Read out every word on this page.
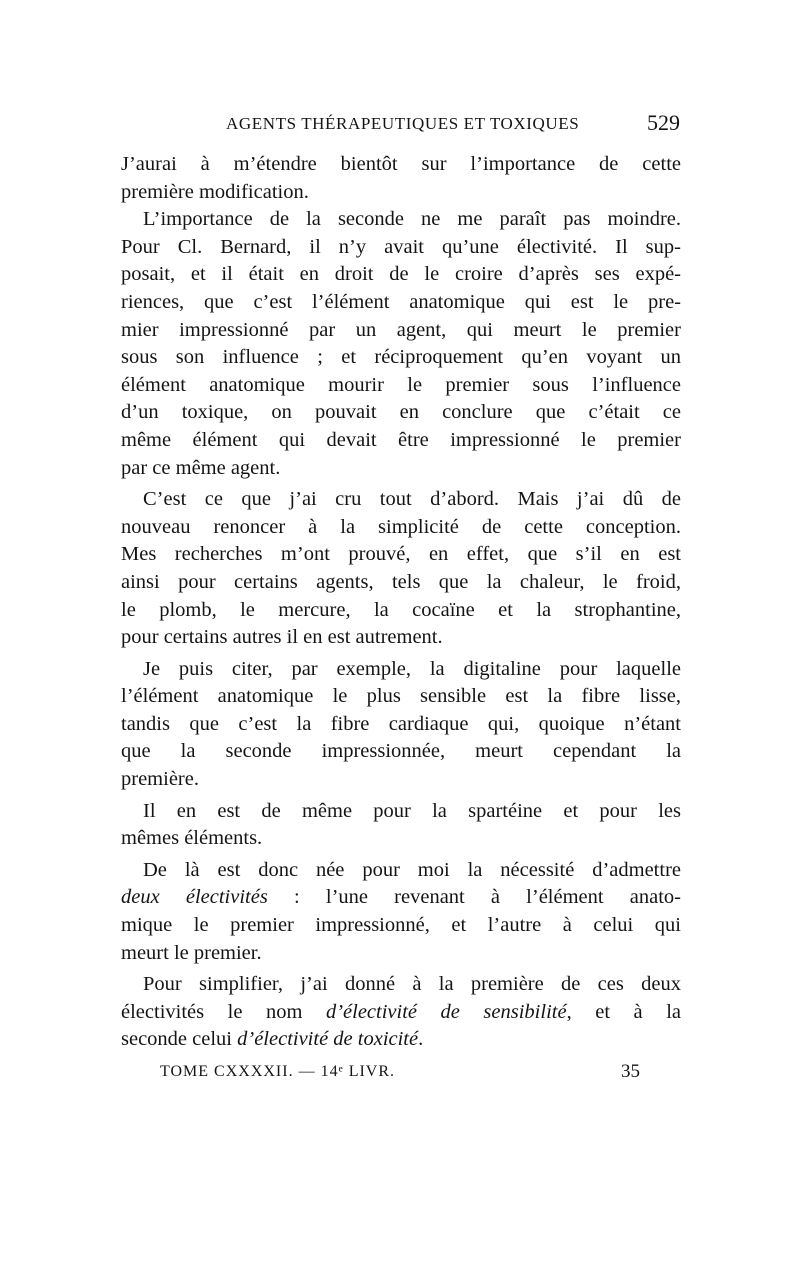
AGENTS THÉRAPEUTIQUES ET TOXIQUES	529
J’aurai à m’étendre bientôt sur l’importance de cette
première modification.
L’importance de la seconde ne me paraît pas moindre.
Pour Cl. Bernard, il n’y avait qu’une électivité. Il sup-
posait, et il était en droit de le croire d’après ses expé-
riences, que c’est l’élément anatomique qui est le pre-
mier impressionné par un agent, qui meurt le premier
sous son influence ; et réciproquement qu’en voyant un
élément anatomique mourir le premier sous l’influence
d’un toxique, on pouvait en conclure que c’était ce
même élément qui devait être impressionné le premier
par ce même agent.
C’est ce que j’ai cru tout d’abord. Mais j’ai dû de
nouveau renoncer à la simplicité de cette conception.
Mes recherches m’ont prouvé, en effet, que s’il en est
ainsi pour certains agents, tels que la chaleur, le froid,
le plomb, le mercure, la cocaïne et la strophantine,
pour certains autres il en est autrement.
Je puis citer, par exemple, la digitaline pour laquelle
l’élément anatomique le plus sensible est la fibre lisse,
tandis que c’est la fibre cardiaque qui, quoique n’étant
que la seconde impressionnée, meurt cependant la
première.
Il en est de même pour la spartéine et pour les
mêmes éléments.
De là est donc née pour moi la nécessité d’admettre
deux électivités : l’une revenant à l’élément anato-
mique le premier impressionné, et l’autre à celui qui
meurt le premier.
Pour simplifier, j’ai donné à la première de ces deux
électivités le nom d’électivité de sensibilité, et à la
seconde celui d’électivité de toxicité.
TOME CXXXXII. — 14ᵉ LIVR.	35
